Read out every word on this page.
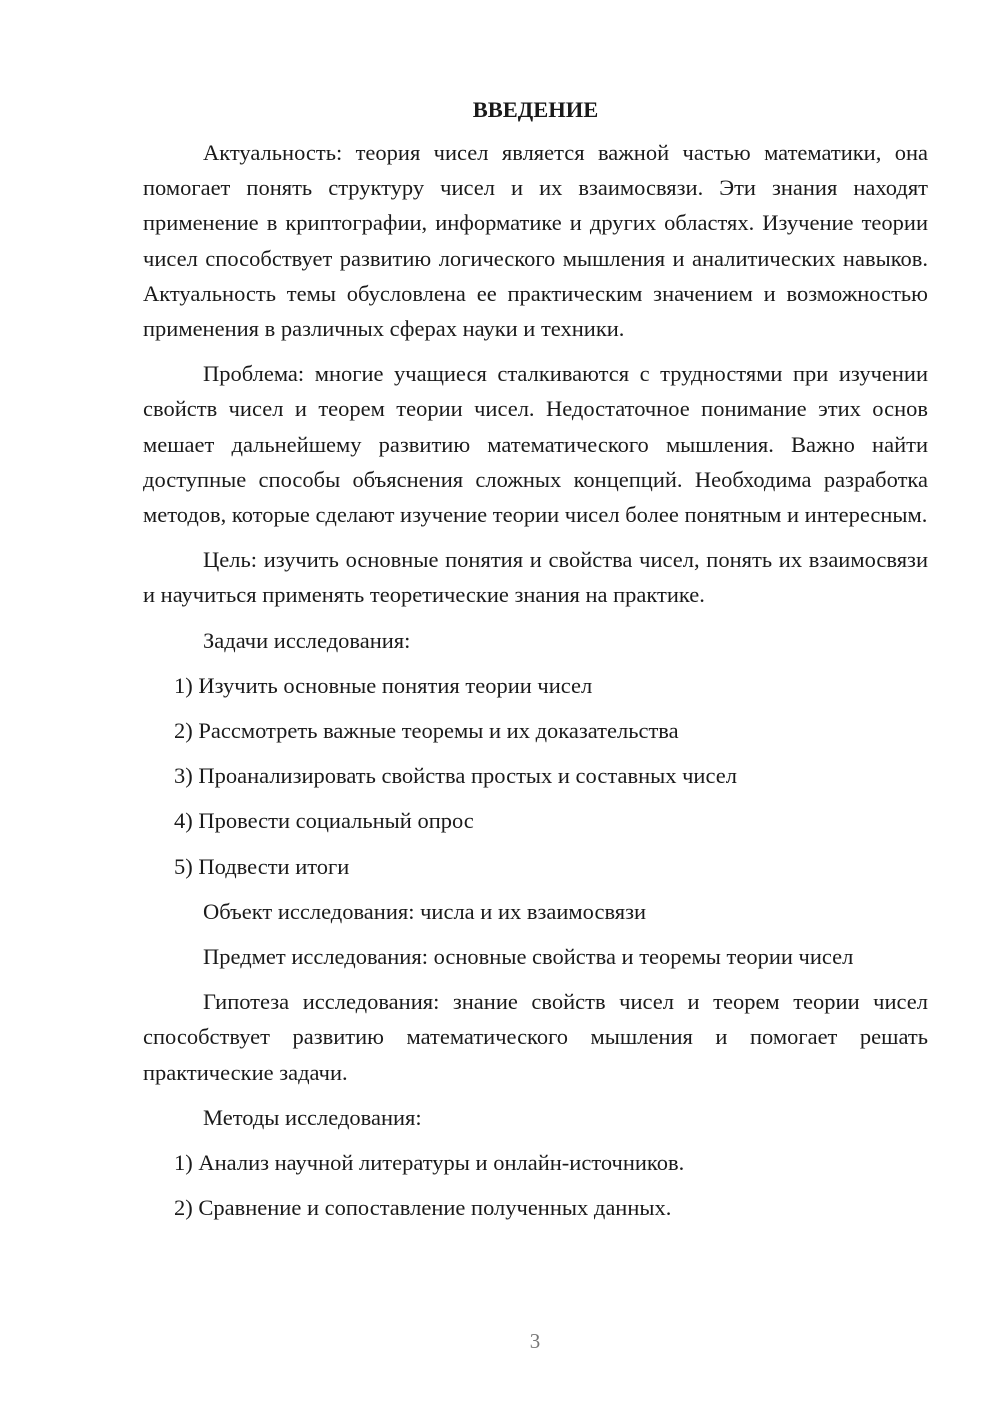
ВВЕДЕНИЕ

Актуальность: теория чисел является важной частью математики, она помогает понять структуру чисел и их взаимосвязи. Эти знания находят применение в криптографии, информатике и других областях. Изучение теории чисел способствует развитию логического мышления и аналитических навыков. Актуальность темы обусловлена ее практическим значением и возможностью применения в различных сферах науки и техники.

Проблема: многие учащиеся сталкиваются с трудностями при изучении свойств чисел и теорем теории чисел. Недостаточное понимание этих основ мешает дальнейшему развитию математического мышления. Важно найти доступные способы объяснения сложных концепций. Необходима разработка методов, которые сделают изучение теории чисел более понятным и интересным.

Цель: изучить основные понятия и свойства чисел, понять их взаимосвязи и научиться применять теоретические знания на практике.

Задачи исследования:
1) Изучить основные понятия теории чисел
2) Рассмотреть важные теоремы и их доказательства
3) Проанализировать свойства простых и составных чисел
4) Провести социальный опрос
5) Подвести итоги
Объект исследования: числа и их взаимосвязи
Предмет исследования: основные свойства и теоремы теории чисел

Гипотеза исследования: знание свойств чисел и теорем теории чисел способствует развитию математического мышления и помогает решать практические задачи.

Методы исследования:
1) Анализ научной литературы и онлайн-источников.
2) Сравнение и сопоставление полученных данных.
3
